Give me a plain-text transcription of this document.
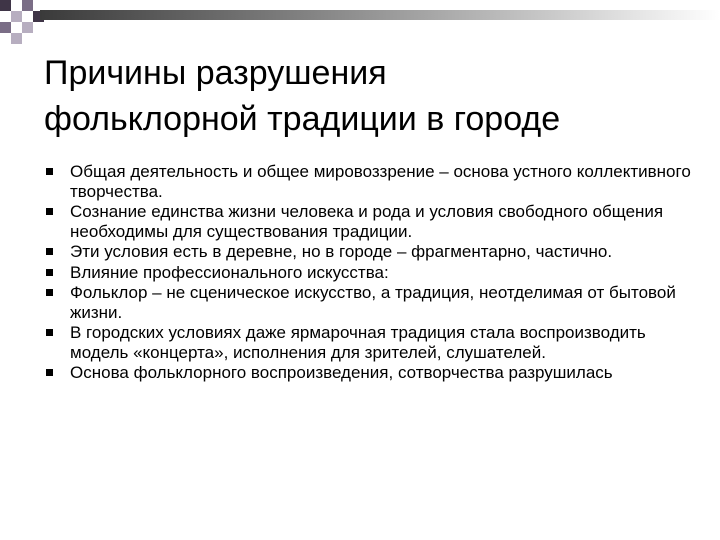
Причины разрушения
фольклорной традиции в городе
Общая деятельность и общее мировоззрение – основа устного коллективного творчества.
Сознание единства жизни человека и рода и условия свободного общения необходимы для существования традиции.
Эти условия есть в деревне, но в городе – фрагментарно, частично.
Влияние профессионального искусства:
Фольклор – не сценическое искусство, а традиция, неотделимая от бытовой жизни.
В городских условиях даже ярмарочная традиция стала воспроизводить модель «концерта», исполнения для зрителей, слушателей.
Основа фольклорного воспроизведения, сотворчества разрушилась
